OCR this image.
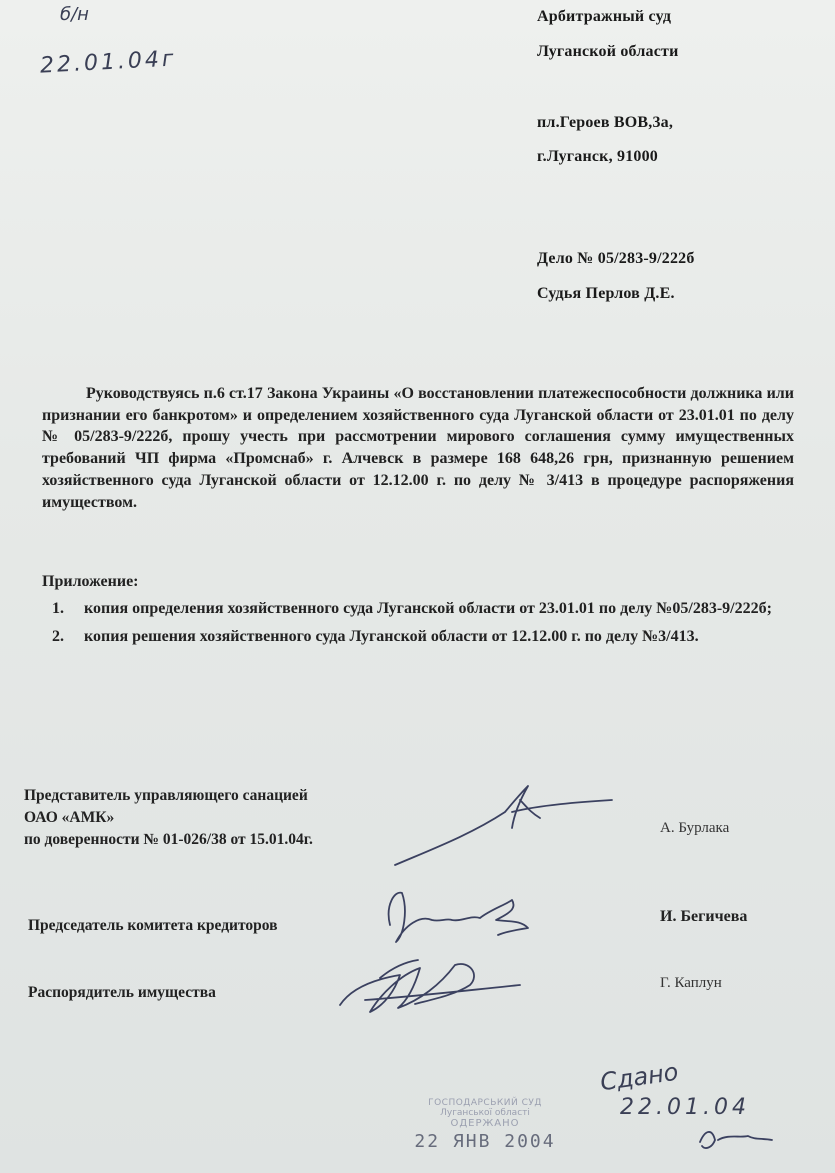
б/н
22.01.04г
Арбитражный суд
Луганской области
пл.Героев ВОВ,3а,
г.Луганск, 91000
Дело № 05/283-9/222б
Судья Перлов Д.Е.
Руководствуясь п.6 ст.17 Закона Украины «О восстановлении платежеспособности должника или признании его банкротом» и определением хозяйственного суда Луганской области от 23.01.01 по делу № 05/283-9/222б, прошу учесть при рассмотрении мирового соглашения сумму имущественных требований ЧП фирма «Промснаб» г. Алчевск в размере 168 648,26 грн, признанную решением хозяйственного суда Луганской области от 12.12.00 г. по делу № 3/413 в процедуре распоряжения имуществом.
Приложение:
1. копия определения хозяйственного суда Луганской области от 23.01.01 по делу №05/283-9/222б;
2. копия решения хозяйственного суда Луганской области от 12.12.00 г. по делу №3/413.
Представитель управляющего санацией
ОАО «АМК»
по доверенности № 01-026/38 от 15.01.04г.
А. Бурлака
Председатель комитета кредиторов
И. Бегичева
Распорядитель имущества
Г. Каплун
Сдано
22.01.04
ГОСПОДАРСЬКИЙ СУД
Луганської області
ОДЕРЖАНО
22 ЯНВ 2004
